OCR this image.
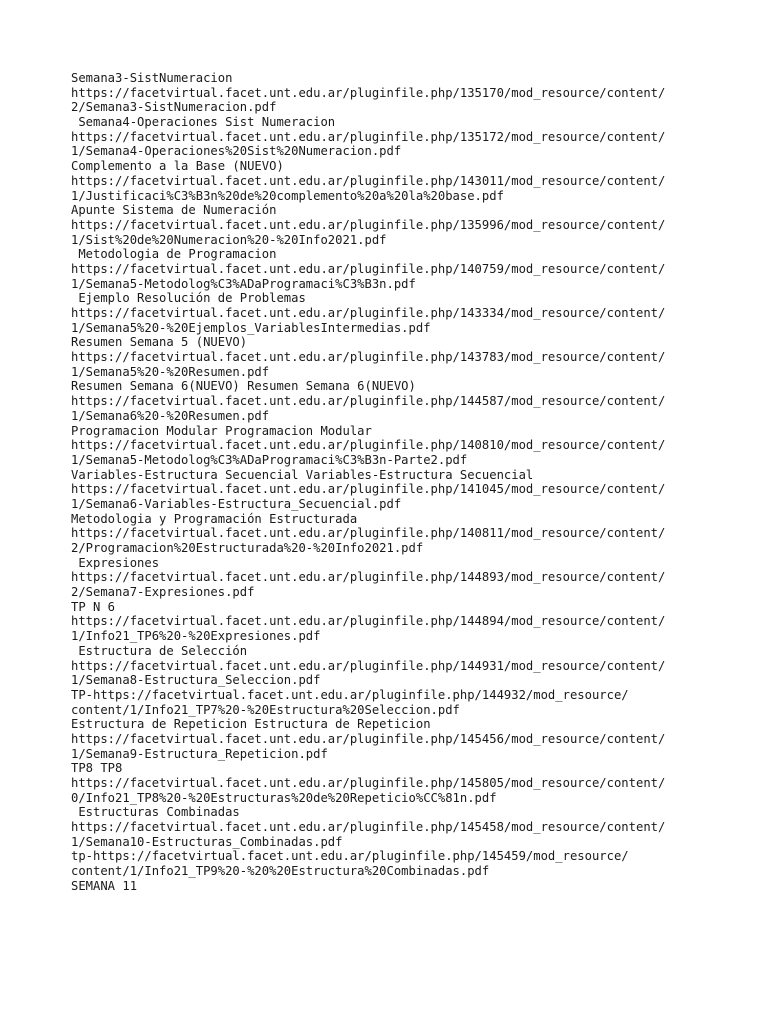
Semana3-SistNumeracion
https://facetvirtual.facet.unt.edu.ar/pluginfile.php/135170/mod_resource/content/
2/Semana3-SistNumeracion.pdf
Semana4-Operaciones Sist Numeracion
https://facetvirtual.facet.unt.edu.ar/pluginfile.php/135172/mod_resource/content/
1/Semana4-Operaciones%20Sist%20Numeracion.pdf
Complemento a la Base (NUEVO)
https://facetvirtual.facet.unt.edu.ar/pluginfile.php/143011/mod_resource/content/
1/Justificaci%C3%B3n%20de%20complemento%20a%20la%20base.pdf
Apunte Sistema de Numeración
https://facetvirtual.facet.unt.edu.ar/pluginfile.php/135996/mod_resource/content/
1/Sist%20de%20Numeracion%20-%20Info2021.pdf
Metodologia de Programacion
https://facetvirtual.facet.unt.edu.ar/pluginfile.php/140759/mod_resource/content/
1/Semana5-Metodolog%C3%ADaProgramaci%C3%B3n.pdf
Ejemplo Resolución de Problemas
https://facetvirtual.facet.unt.edu.ar/pluginfile.php/143334/mod_resource/content/
1/Semana5%20-%20Ejemplos_VariablesIntermedias.pdf
Resumen Semana 5 (NUEVO)
https://facetvirtual.facet.unt.edu.ar/pluginfile.php/143783/mod_resource/content/
1/Semana5%20-%20Resumen.pdf
Resumen Semana 6(NUEVO) Resumen Semana 6(NUEVO)
https://facetvirtual.facet.unt.edu.ar/pluginfile.php/144587/mod_resource/content/
1/Semana6%20-%20Resumen.pdf
Programacion Modular Programacion Modular
https://facetvirtual.facet.unt.edu.ar/pluginfile.php/140810/mod_resource/content/
1/Semana5-Metodolog%C3%ADaProgramaci%C3%B3n-Parte2.pdf
Variables-Estructura Secuencial Variables-Estructura Secuencial
https://facetvirtual.facet.unt.edu.ar/pluginfile.php/141045/mod_resource/content/
1/Semana6-Variables-Estructura_Secuencial.pdf
Metodologia y Programación Estructurada
https://facetvirtual.facet.unt.edu.ar/pluginfile.php/140811/mod_resource/content/
2/Programacion%20Estructurada%20-%20Info2021.pdf
Expresiones
https://facetvirtual.facet.unt.edu.ar/pluginfile.php/144893/mod_resource/content/
2/Semana7-Expresiones.pdf
TP N 6
https://facetvirtual.facet.unt.edu.ar/pluginfile.php/144894/mod_resource/content/
1/Info21_TP6%20-%20Expresiones.pdf
Estructura de Selección
https://facetvirtual.facet.unt.edu.ar/pluginfile.php/144931/mod_resource/content/
1/Semana8-Estructura_Seleccion.pdf
TP-https://facetvirtual.facet.unt.edu.ar/pluginfile.php/144932/mod_resource/
content/1/Info21_TP7%20-%20Estructura%20Seleccion.pdf
Estructura de Repeticion Estructura de Repeticion
https://facetvirtual.facet.unt.edu.ar/pluginfile.php/145456/mod_resource/content/
1/Semana9-Estructura_Repeticion.pdf
TP8 TP8
https://facetvirtual.facet.unt.edu.ar/pluginfile.php/145805/mod_resource/content/
0/Info21_TP8%20-%20Estructuras%20de%20Repeticio%CC%81n.pdf
Estructuras Combinadas
https://facetvirtual.facet.unt.edu.ar/pluginfile.php/145458/mod_resource/content/
1/Semana10-Estructuras_Combinadas.pdf
tp-https://facetvirtual.facet.unt.edu.ar/pluginfile.php/145459/mod_resource/
content/1/Info21_TP9%20-%20%20Estructura%20Combinadas.pdf
SEMANA 11
